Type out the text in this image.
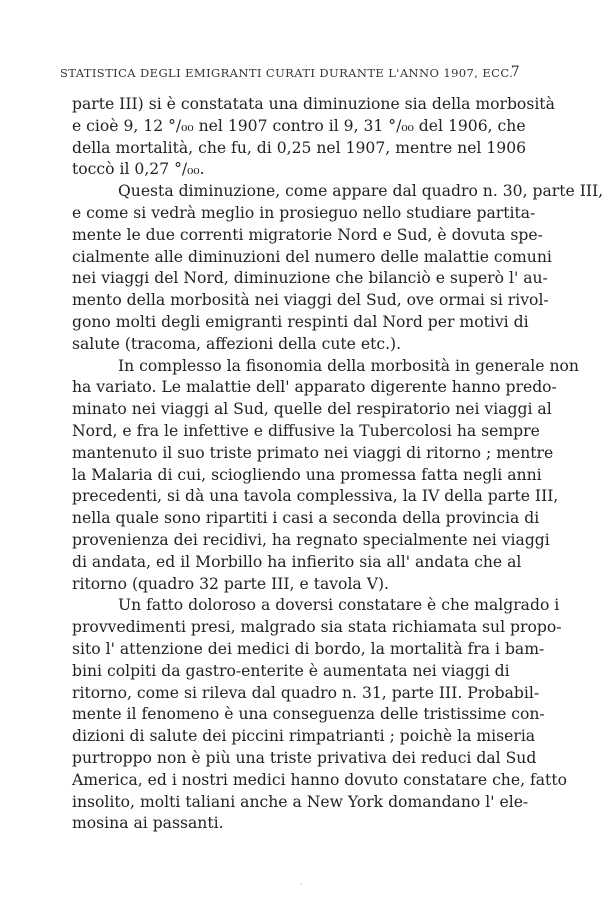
STATISTICA DEGLI EMIGRANTI CURATI DURANTE L'ANNO 1907, ECC.
7
parte III) si è constatata una diminuzione sia della morbosità
e cioè 9, 12 °/₀₀ nel 1907 contro il 9, 31 °/₀₀ del 1906, che
della mortalità, che fu, di 0,25 nel 1907, mentre nel 1906
toccò il 0,27 °/₀₀.
Questa diminuzione, come appare dal quadro n. 30, parte III,
e come si vedrà meglio in prosieguo nello studiare partita-
mente le due correnti migratorie Nord e Sud, è dovuta spe-
cialmente alle diminuzioni del numero delle malattie comuni
nei viaggi del Nord, diminuzione che bilanciò e superò l' au-
mento della morbosità nei viaggi del Sud, ove ormai si rivol-
gono molti degli emigranti respinti dal Nord per motivi di
salute (tracoma, affezioni della cute etc.).
In complesso la fisonomia della morbosità in generale non
ha variato. Le malattie dell' apparato digerente hanno predo-
minato nei viaggi al Sud, quelle del respiratorio nei viaggi al
Nord, e fra le infettive e diffusive la Tubercolosi ha sempre
mantenuto il suo triste primato nei viaggi di ritorno ; mentre
la Malaria di cui, sciogliendo una promessa fatta negli anni
precedenti, si dà una tavola complessiva, la IV della parte III,
nella quale sono ripartiti i casi a seconda della provincia di
provenienza dei recidivi, ha regnato specialmente nei viaggi
di andata, ed il Morbillo ha infierito sia all' andata che al
ritorno (quadro 32 parte III, e tavola V).
Un fatto doloroso a doversi constatare è che malgrado i
provvedimenti presi, malgrado sia stata richiamata sul propo-
sito l' attenzione dei medici di bordo, la mortalità fra i bam-
bini colpiti da gastro-enterite è aumentata nei viaggi di
ritorno, come si rileva dal quadro n. 31, parte III. Probabil-
mente il fenomeno è una conseguenza delle tristissime con-
dizioni di salute dei piccini rimpatrianti ; poichè la miseria
purtroppo non è più una triste privativa dei reduci dal Sud
America, ed i nostri medici hanno dovuto constatare che, fatto
insolito, molti taliani anche a New York domandano l' ele-
mosina ai passanti.
·
